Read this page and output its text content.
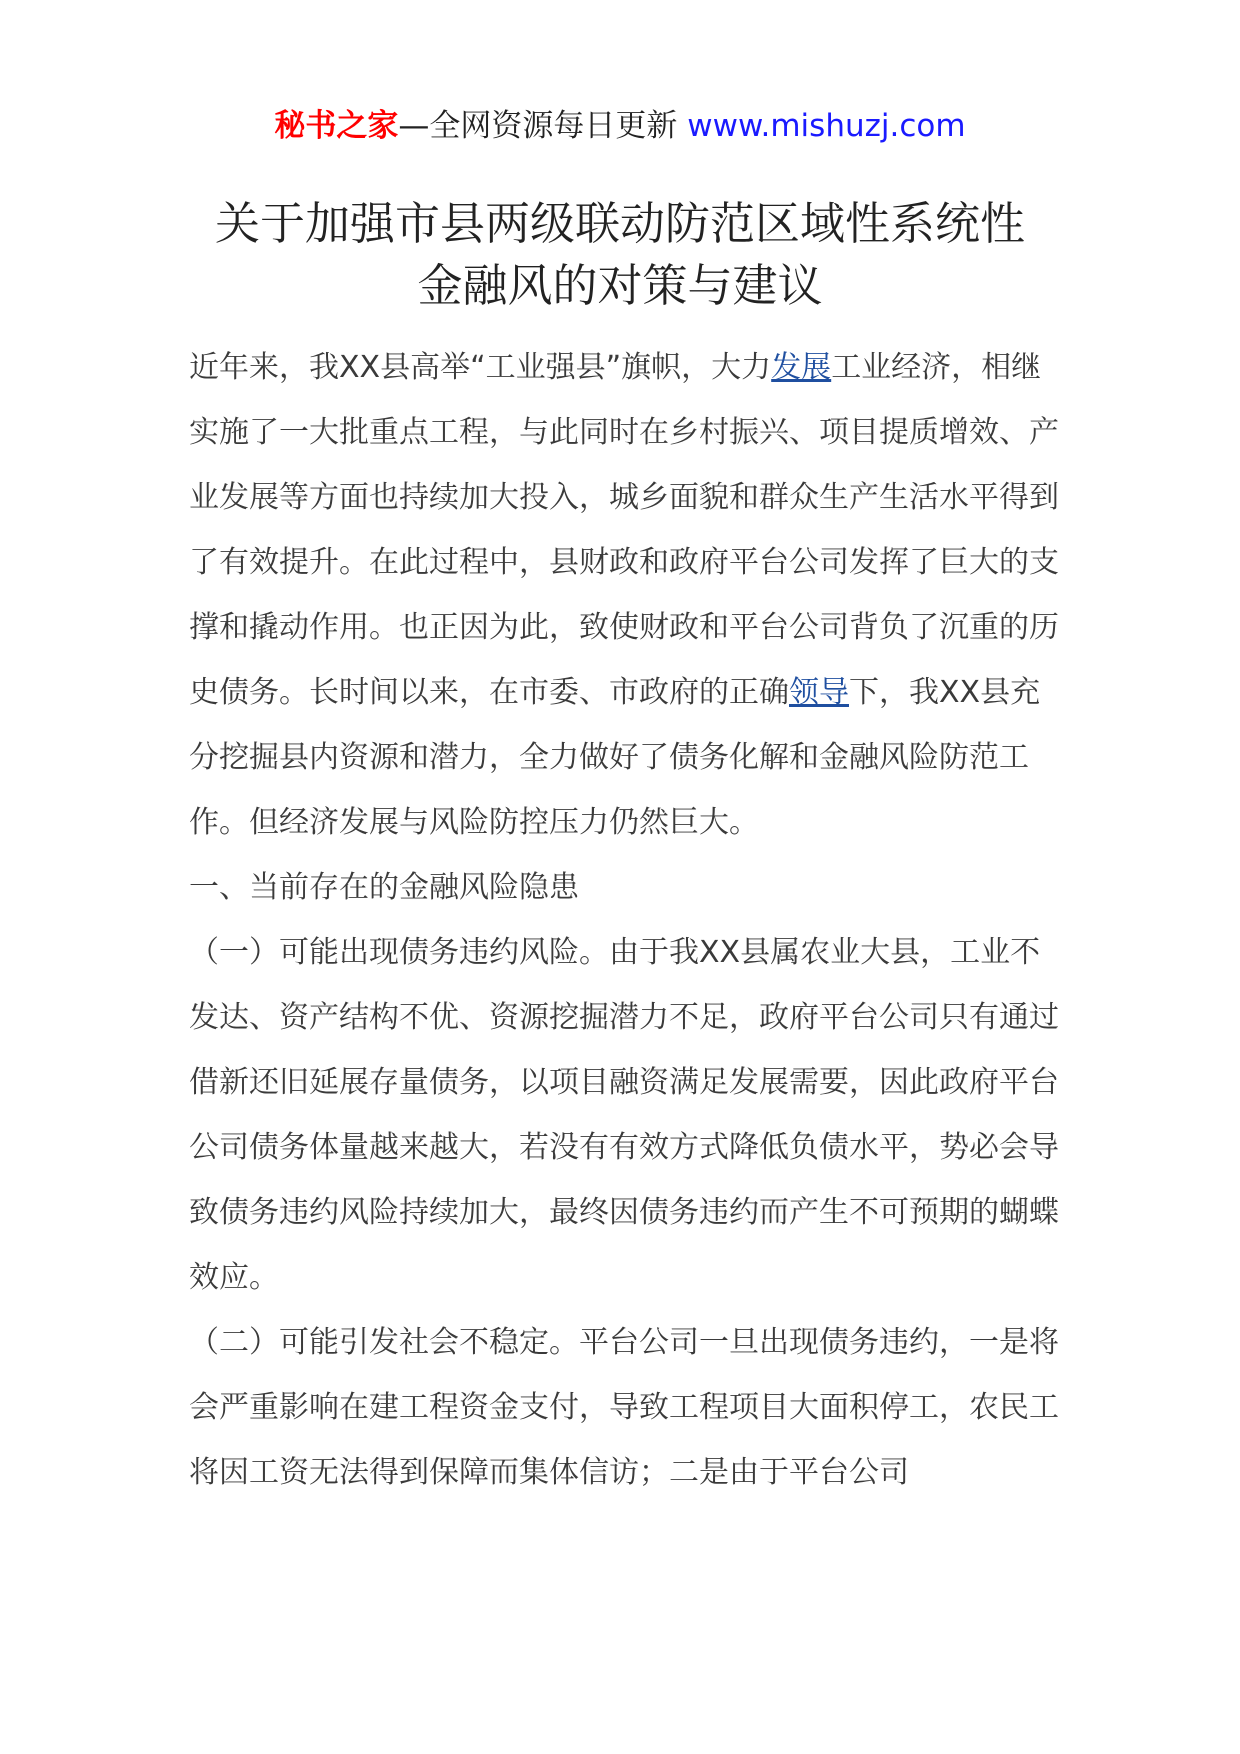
秘书之家—全网资源每日更新 www.mishuzj.com
关于加强市县两级联动防范区域性系统性
金融风的对策与建议

近年来，我XX县高举“工业强县”旗帜，大力发展工业经济，相继实施了一大批重点工程，与此同时在乡村振兴、项目提质增效、产业发展等方面也持续加大投入，城乡面貌和群众生产生活水平得到了有效提升。在此过程中，县财政和政府平台公司发挥了巨大的支撑和撬动作用。也正因为此，致使财政和平台公司背负了沉重的历史债务。长时间以来，在市委、市政府的正确领导下，我XX县充分挖掘县内资源和潜力，全力做好了债务化解和金融风险防范工作。但经济发展与风险防控压力仍然巨大。

一、当前存在的金融风险隐患

（一）可能出现债务违约风险。由于我XX县属农业大县，工业不发达、资产结构不优、资源挖掘潜力不足，政府平台公司只有通过借新还旧延展存量债务，以项目融资满足发展需要，因此政府平台公司债务体量越来越大，若没有有效方式降低负债水平，势必会导致债务违约风险持续加大，最终因债务违约而产生不可预期的蝴蝶效应。

（二）可能引发社会不稳定。平台公司一旦出现债务违约，一是将会严重影响在建工程资金支付，导致工程项目大面积停工，农民工将因工资无法得到保障而集体信访；二是由于平台公司
